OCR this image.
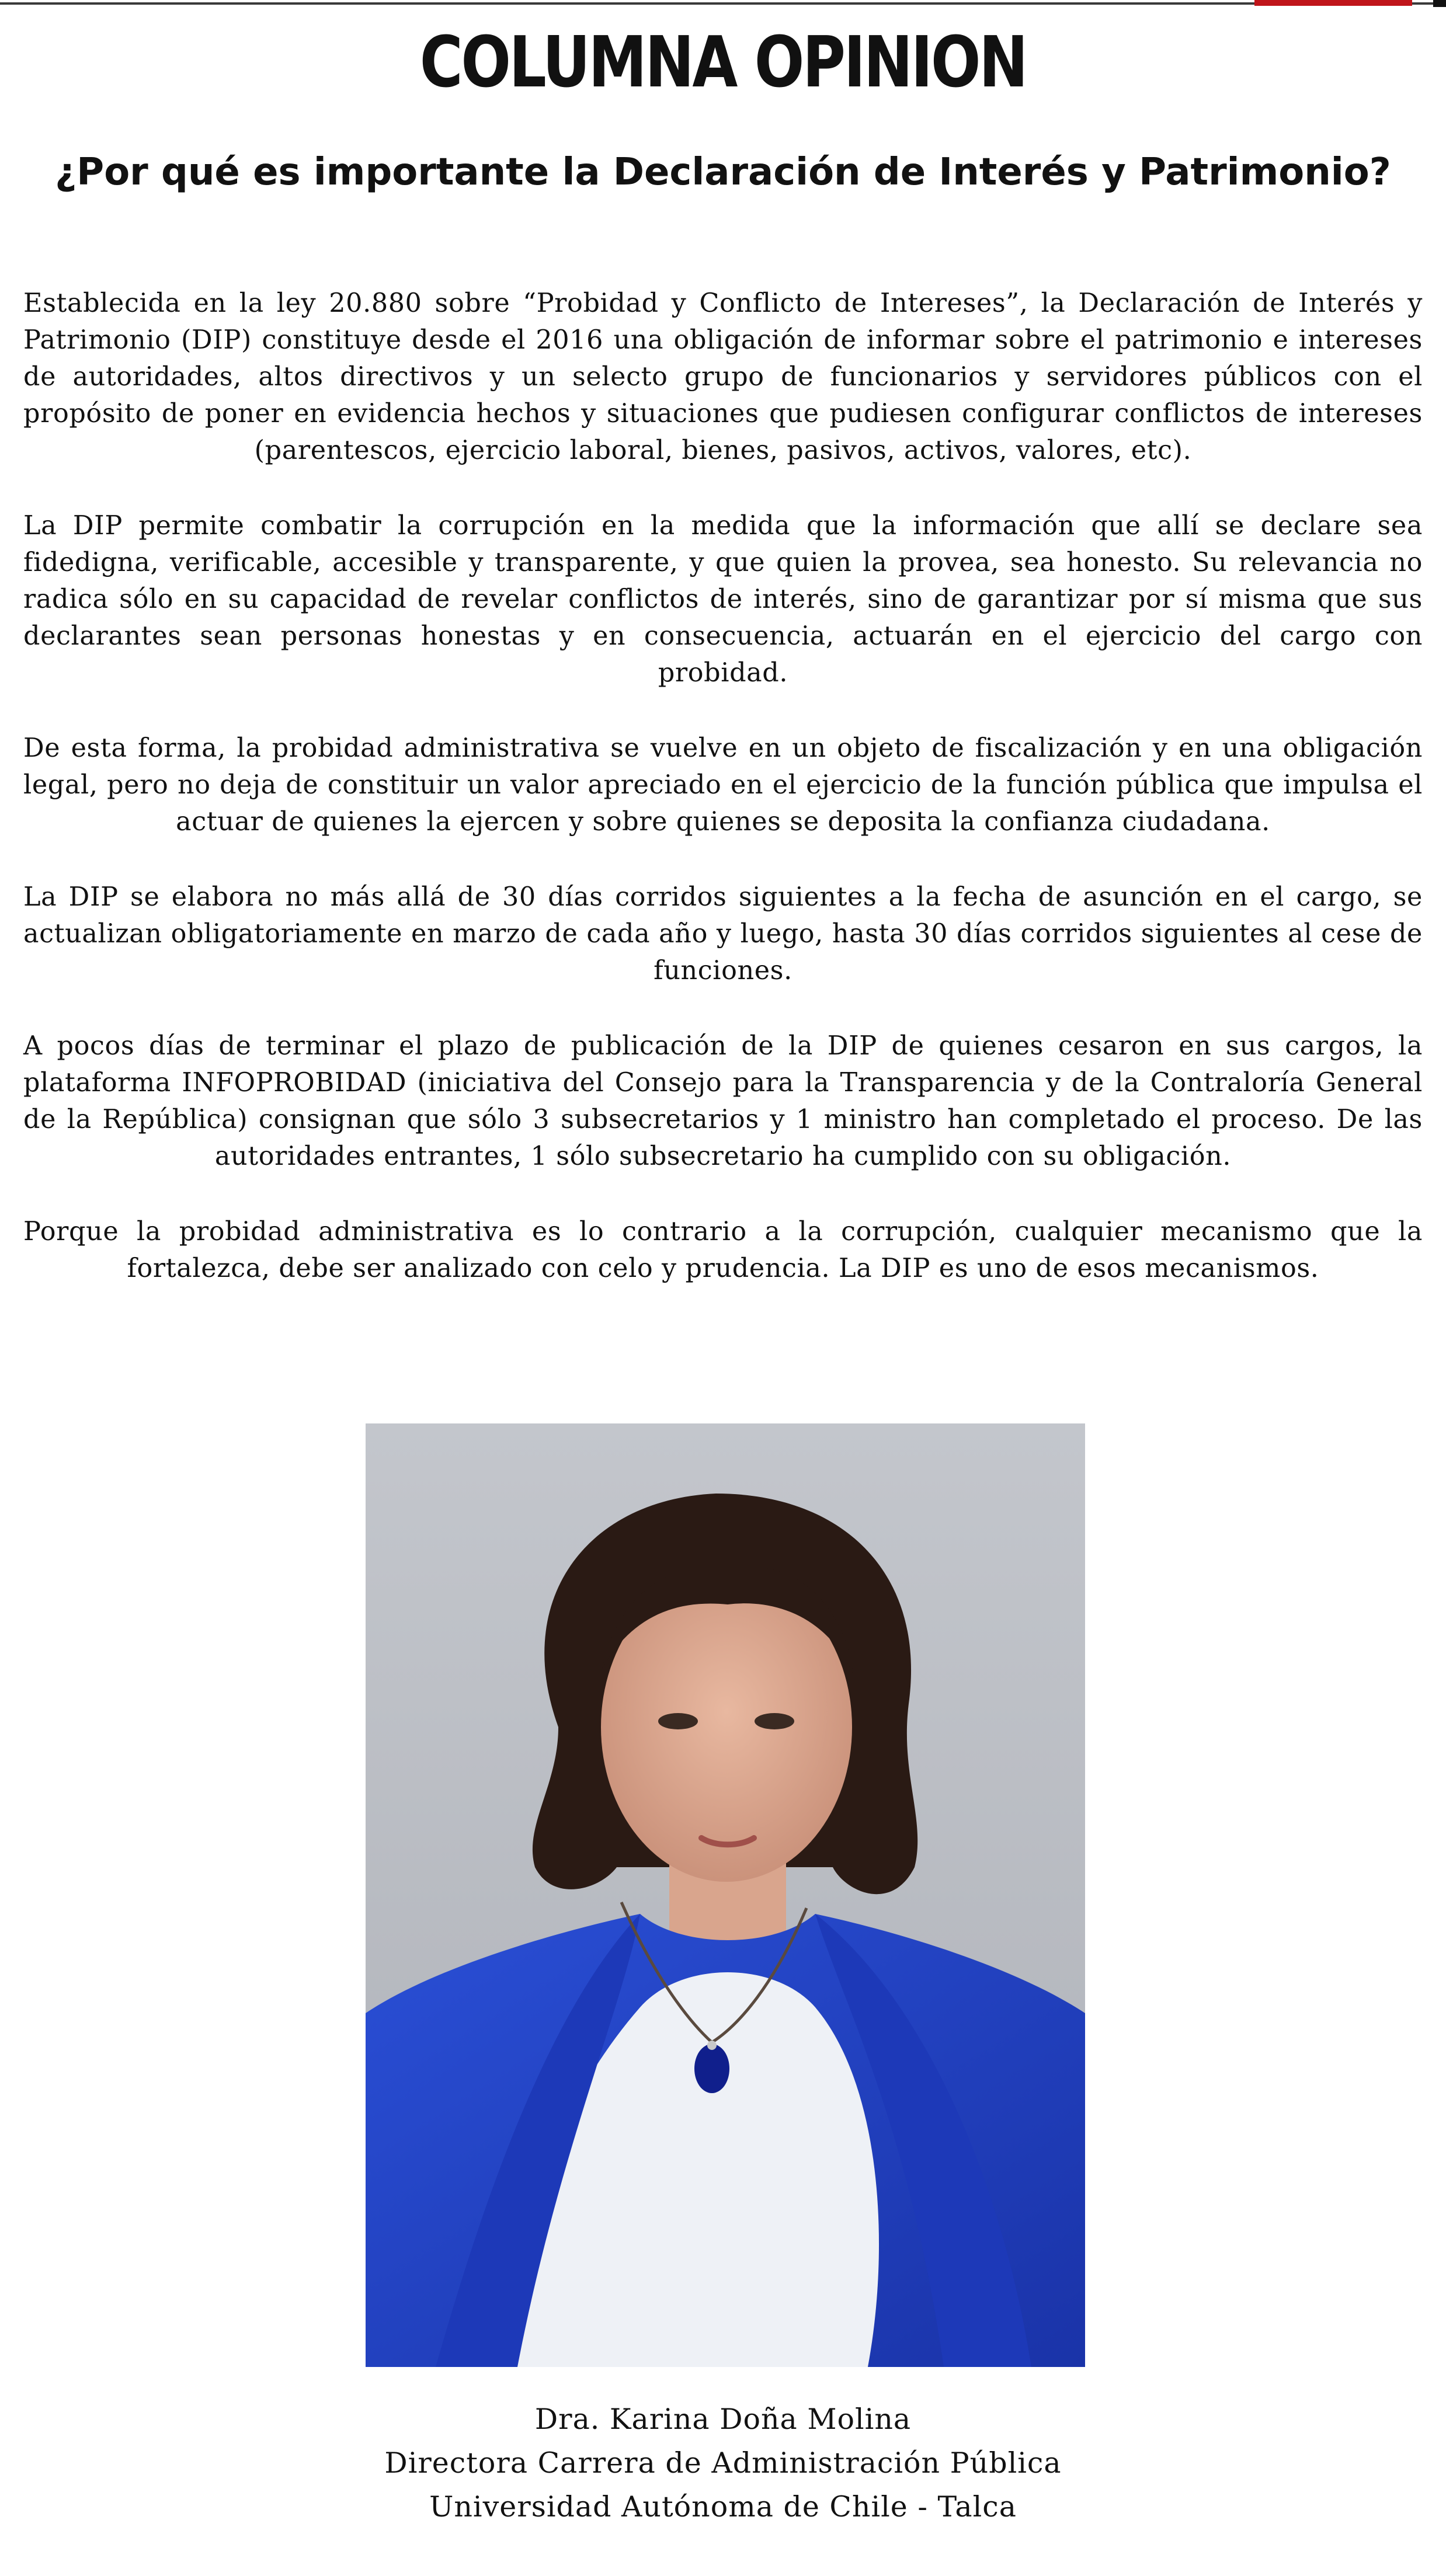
COLUMNA OPINION
¿Por qué es importante la Declaración de Interés y Patrimonio?

Establecida en la ley 20.880 sobre “Probidad y Conflicto de Intereses”, la Declaración de Interés y Patrimonio (DIP) constituye desde el 2016 una obligación de informar sobre el patrimonio e intereses de autoridades, altos directivos y un selecto grupo de funcionarios y servidores públicos con el propósito de poner en evidencia hechos y situaciones que pudiesen configurar conflictos de intereses (parentescos, ejercicio laboral, bienes, pasivos, activos, valores, etc).

La DIP permite combatir la corrupción en la medida que la información que allí se declare sea fidedigna, verificable, accesible y transparente, y que quien la provea, sea honesto. Su relevancia no radica sólo en su capacidad de revelar conflictos de interés, sino de garantizar por sí misma que sus declarantes sean personas honestas y en consecuencia, actuarán en el ejercicio del cargo con probidad.

De esta forma, la probidad administrativa se vuelve en un objeto de fiscalización y en una obligación legal, pero no deja de constituir un valor apreciado en el ejercicio de la función pública que impulsa el actuar de quienes la ejercen y sobre quienes se deposita la confianza ciudadana.

La DIP se elabora no más allá de 30 días corridos siguientes a la fecha de asunción en el cargo, se actualizan obligatoriamente en marzo de cada año y luego, hasta 30 días corridos siguientes al cese de funciones.

A pocos días de terminar el plazo de publicación de la DIP de quienes cesaron en sus cargos, la plataforma INFOPROBIDAD (iniciativa del Consejo para la Transparencia y de la Contraloría General de la República) consignan que sólo 3 subsecretarios y 1 ministro han completado el proceso. De las autoridades entrantes, 1 sólo subsecretario ha cumplido con su obligación.

Porque la probidad administrativa es lo contrario a la corrupción, cualquier mecanismo que la fortalezca, debe ser analizado con celo y prudencia. La DIP es uno de esos mecanismos.

Dra. Karina Doña Molina
Directora Carrera de Administración Pública
Universidad Autónoma de Chile - Talca
